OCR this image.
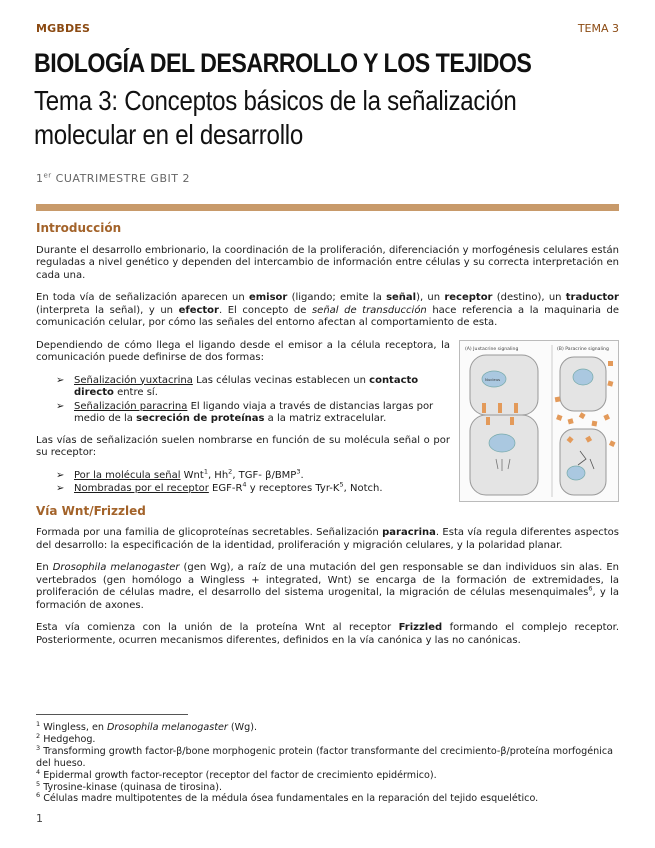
MGBDES	TEMA 3
BIOLOGÍA DEL DESARROLLO Y LOS TEJIDOS
Tema 3: Conceptos básicos de la señalización molecular en el desarrollo
1er CUATRIMESTRE GBIT 2
Introducción

Durante el desarrollo embrionario, la coordinación de la proliferación, diferenciación y morfogénesis celulares están reguladas a nivel genético y dependen del intercambio de información entre células y su correcta interpretación en cada una.

En toda vía de señalización aparecen un emisor (ligando; emite la señal), un receptor (destino), un traductor (interpreta la señal), y un efector. El concepto de señal de transducción hace referencia a la maquinaria de comunicación celular, por cómo las señales del entorno afectan al comportamiento de esta.

Dependiendo de cómo llega el ligando desde el emisor a la célula receptora, la comunicación puede definirse de dos formas:

➢ Señalización yuxtacrina Las células vecinas establecen un contacto directo entre sí.
➢ Señalización paracrina El ligando viaja a través de distancias largas por medio de la secreción de proteínas a la matriz extracelular.

Las vías de señalización suelen nombrarse en función de su molécula señal o por su receptor:

➢ Por la molécula señal Wnt$^1$, Hh$^2$, TGF- β/BMP$^3$.
➢ Nombradas por el receptor EGF-$R^4$ y receptores Tyr-$K^5$, Notch.
(A) Juxtacrine signaling	(B) Paracrine signaling
Nucleus
Vía Wnt/Frizzled

Formada por una familia de glicoproteínas secretables. Señalización paracrina. Esta vía regula diferentes aspectos del desarrollo: la especificación de la identidad, proliferación y migración celulares, y la polaridad planar.

En Drosophila melanogaster (gen Wg), a raíz de una mutación del gen responsable se dan individuos sin alas. En vertebrados (gen homólogo a Wingless + integrated, Wnt) se encarga de la formación de extremidades, la proliferación de células madre, el desarrollo del sistema urogenital, la migración de células mesenquimales$^6$, y la formación de axones.

Esta vía comienza con la unión de la proteína Wnt al receptor Frizzled formando el complejo receptor. Posteriormente, ocurren mecanismos diferentes, definidos en la vía canónica y las no canónicas.

$^1$ Wingless, en Drosophila melanogaster (Wg).
$^2$ Hedgehog.
$^3$ Transforming growth factor-β/bone morphogenic protein (factor transformante del crecimiento-β/proteína morfogénica del hueso.
$^4$ Epidermal growth factor-receptor (receptor del factor de crecimiento epidérmico).
$^5$ Tyrosine-kinase (quinasa de tirosina).
$^6$ Células madre multipotentes de la médula ósea fundamentales en la reparación del tejido esquelético.
1
